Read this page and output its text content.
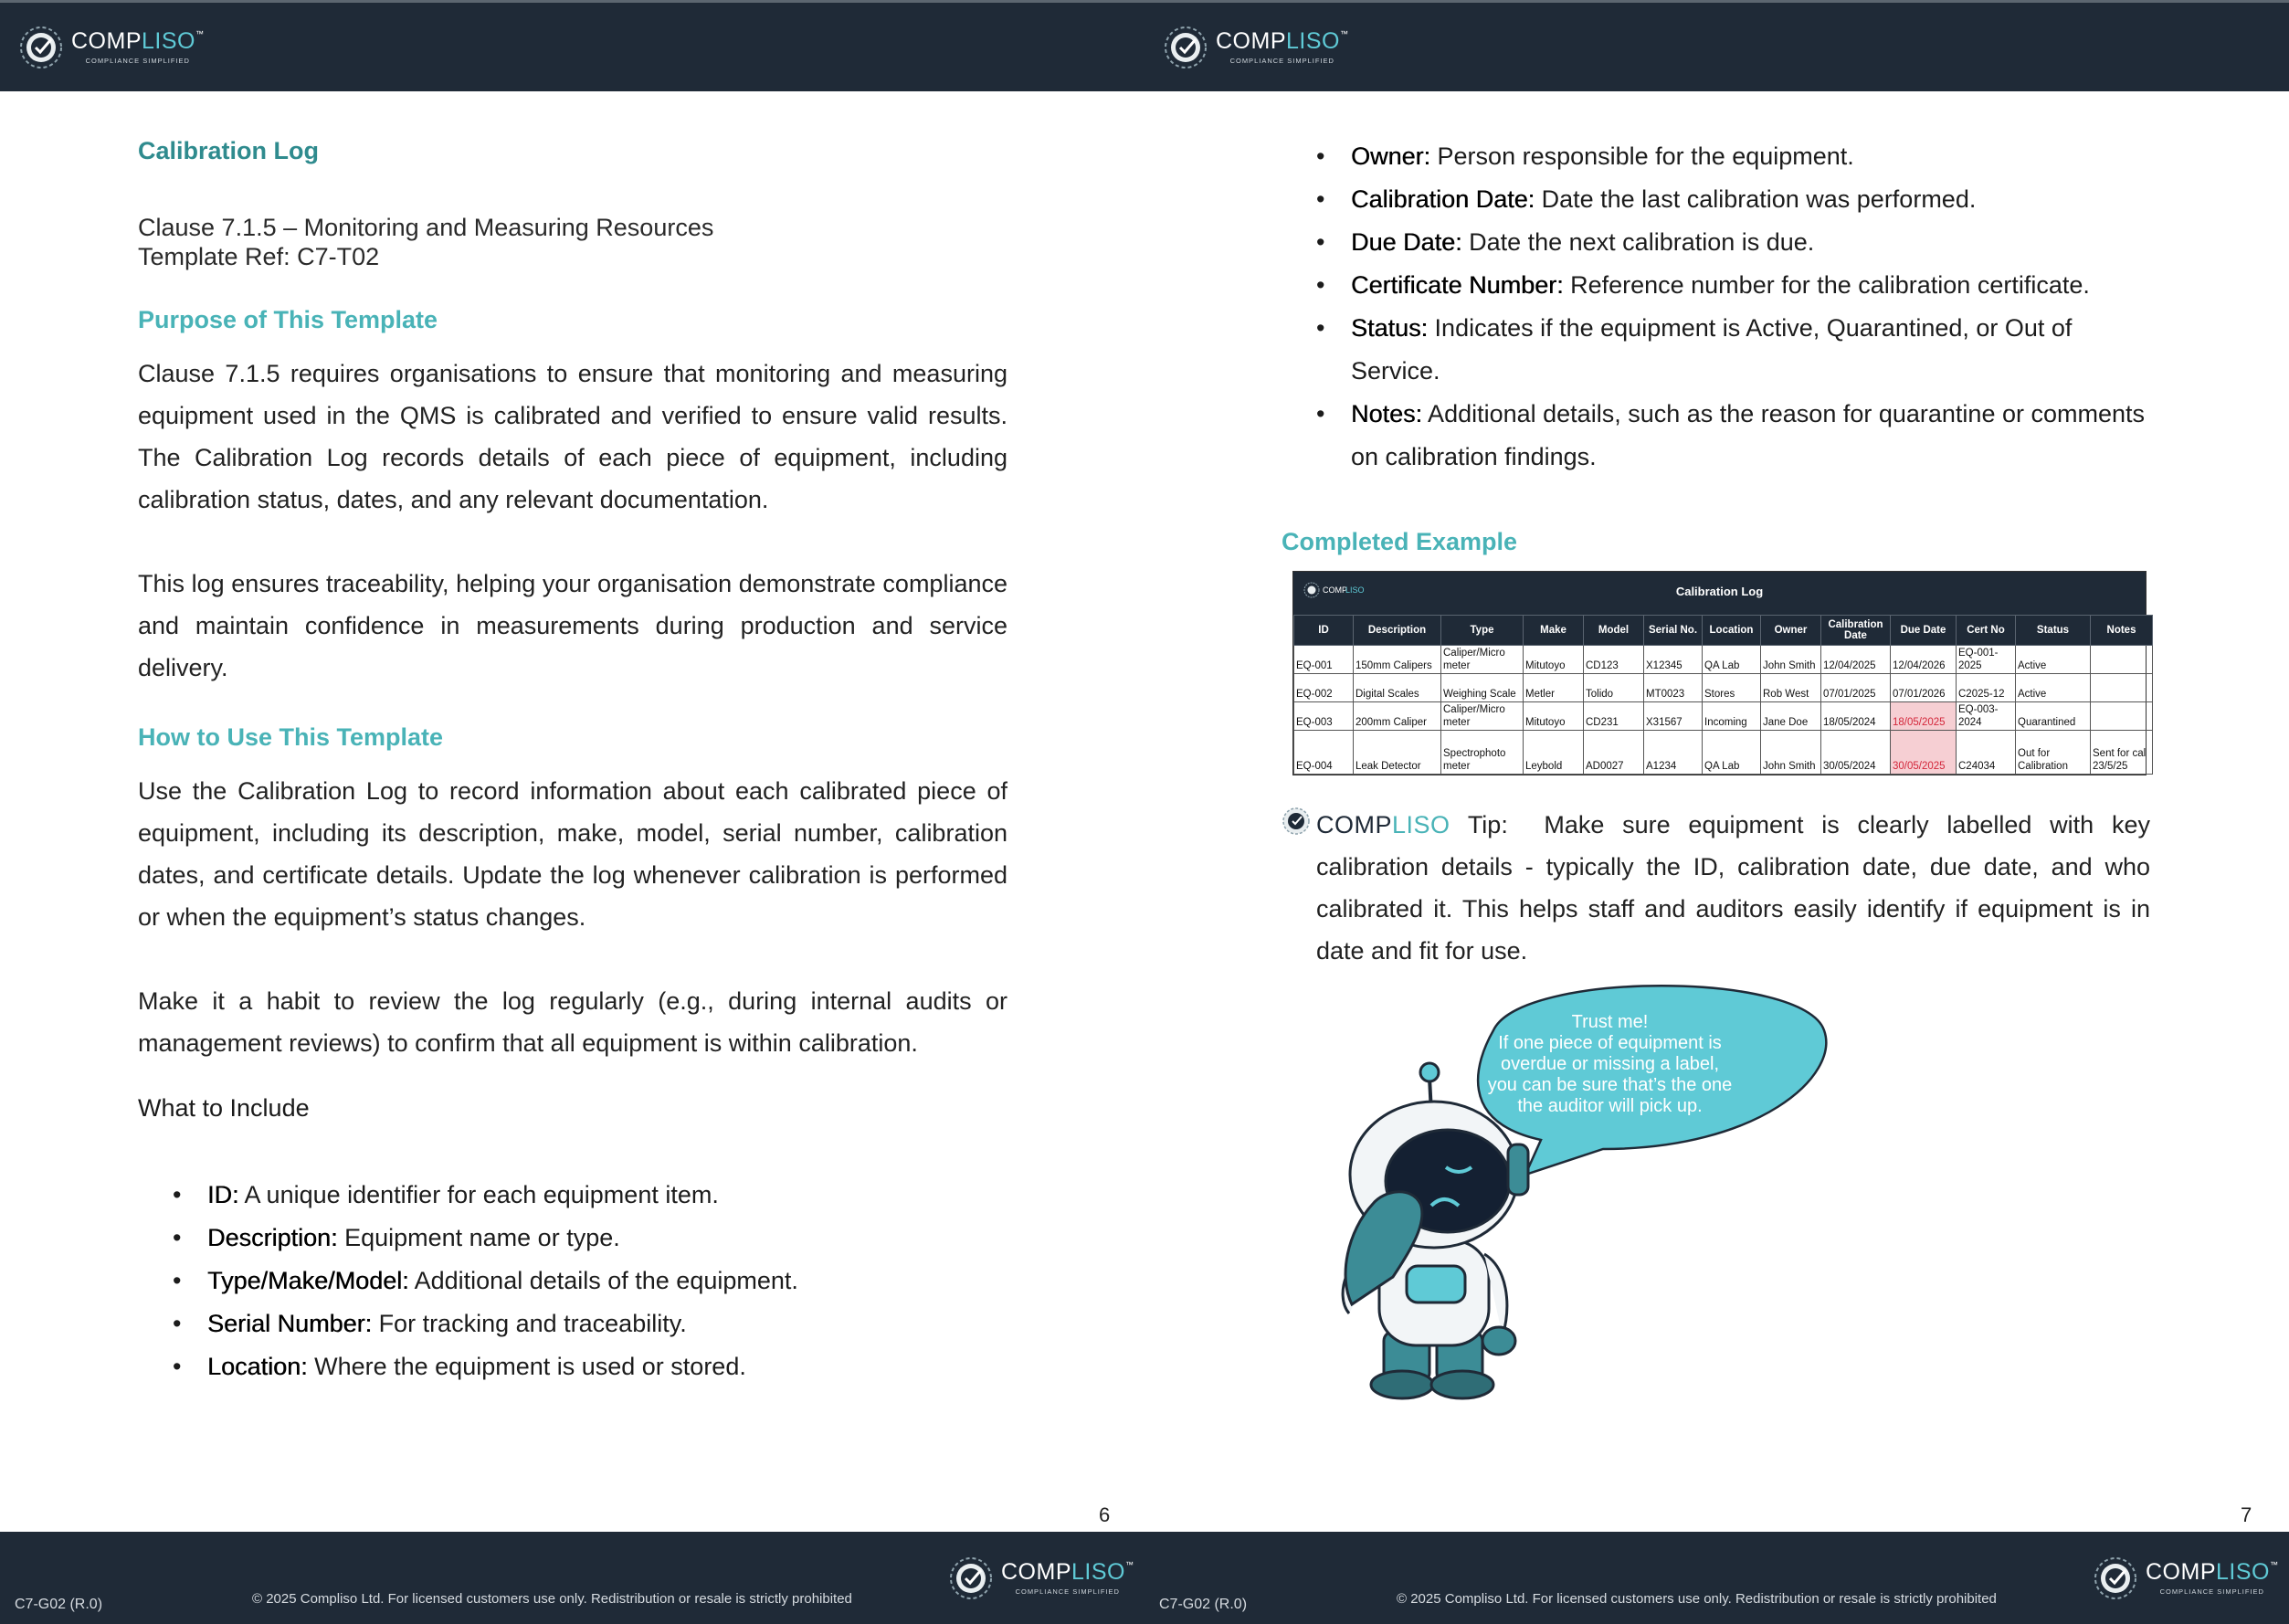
COMPLISO™
COMPLIANCE SIMPLIFIED
Calibration Log
Clause 7.1.5 – Monitoring and Measuring Resources
Template Ref: C7-T02
Purpose of This Template

Clause 7.1.5 requires organisations to ensure that monitoring and measuring equipment used in the QMS is calibrated and verified to ensure valid results. The Calibration Log records details of each piece of equipment, including calibration status, dates, and any relevant documentation.

This log ensures traceability, helping your organisation demonstrate compliance and maintain confidence in measurements during production and service delivery.

How to Use This Template

Use the Calibration Log to record information about each calibrated piece of equipment, including its description, make, model, serial number, calibration dates, and certificate details. Update the log whenever calibration is performed or when the equipment’s status changes.

Make it a habit to review the log regularly (e.g., during internal audits or management reviews) to confirm that all equipment is within calibration.

What to Include
• ID: A unique identifier for each equipment item.
• Description: Equipment name or type.
• Type/Make/Model: Additional details of the equipment.
• Serial Number: For tracking and traceability.
• Location: Where the equipment is used or stored.
6
C7-G02 (R.0)	© 2025 Compliso Ltd. For licensed customers use only. Redistribution or resale is strictly prohibited
COMPLISO™
COMPLIANCE SIMPLIFIED
COMPLISO™
COMPLIANCE SIMPLIFIED
• Owner: Person responsible for the equipment.
• Calibration Date: Date the last calibration was performed.
• Due Date: Date the next calibration is due.
• Certificate Number: Reference number for the calibration certificate.
• Status: Indicates if the equipment is Active, Quarantined, or Out of Service.
• Notes: Additional details, such as the reason for quarantine or comments on calibration findings.
Completed Example
7
C7-G02 (R.0)	© 2025 Compliso Ltd. For licensed customers use only. Redistribution or resale is strictly prohibited
COMPLISO™
COMPLIANCE SIMPLIFIED
COMP
LISO	Calibration Log
ID	Description	Type	Make	Model	Serial No.	Location	Owner	Calibration Date	Due Date	Cert No	Status	Notes
EQ-001	150mm Calipers	Caliper/Micro meter	Mitutoyo	CD123	X12345	QA Lab	John Smith	12/04/2025	12/04/2026	EQ-001-2025	Active	
EQ-002	Digital Scales	Weighing Scale	Metler	Tolido	MT0023	Stores	Rob West	07/01/2025	07/01/2026	C2025-12	Active	
EQ-003	200mm Caliper	Caliper/Micro meter	Mitutoyo	CD231	X31567	Incoming	Jane Doe	18/05/2024	18/05/2025	EQ-003-2024	Quarantined	
EQ-004	Leak Detector	Spectrophoto meter	Leybold	AD0027	A1234	QA Lab	John Smith	30/05/2024	30/05/2025	C24034	Out for Calibration	Sent for cal 23/5/25
COMPLISO Tip: Make sure equipment is clearly labelled with key calibration details - typically the ID, calibration date, due date, and who calibrated it. This helps staff and auditors easily identify if equipment is in date and fit for use.
Trust me!
If one piece of equipment is
overdue or missing a label,
you can be sure that’s the one
the auditor will pick up.
